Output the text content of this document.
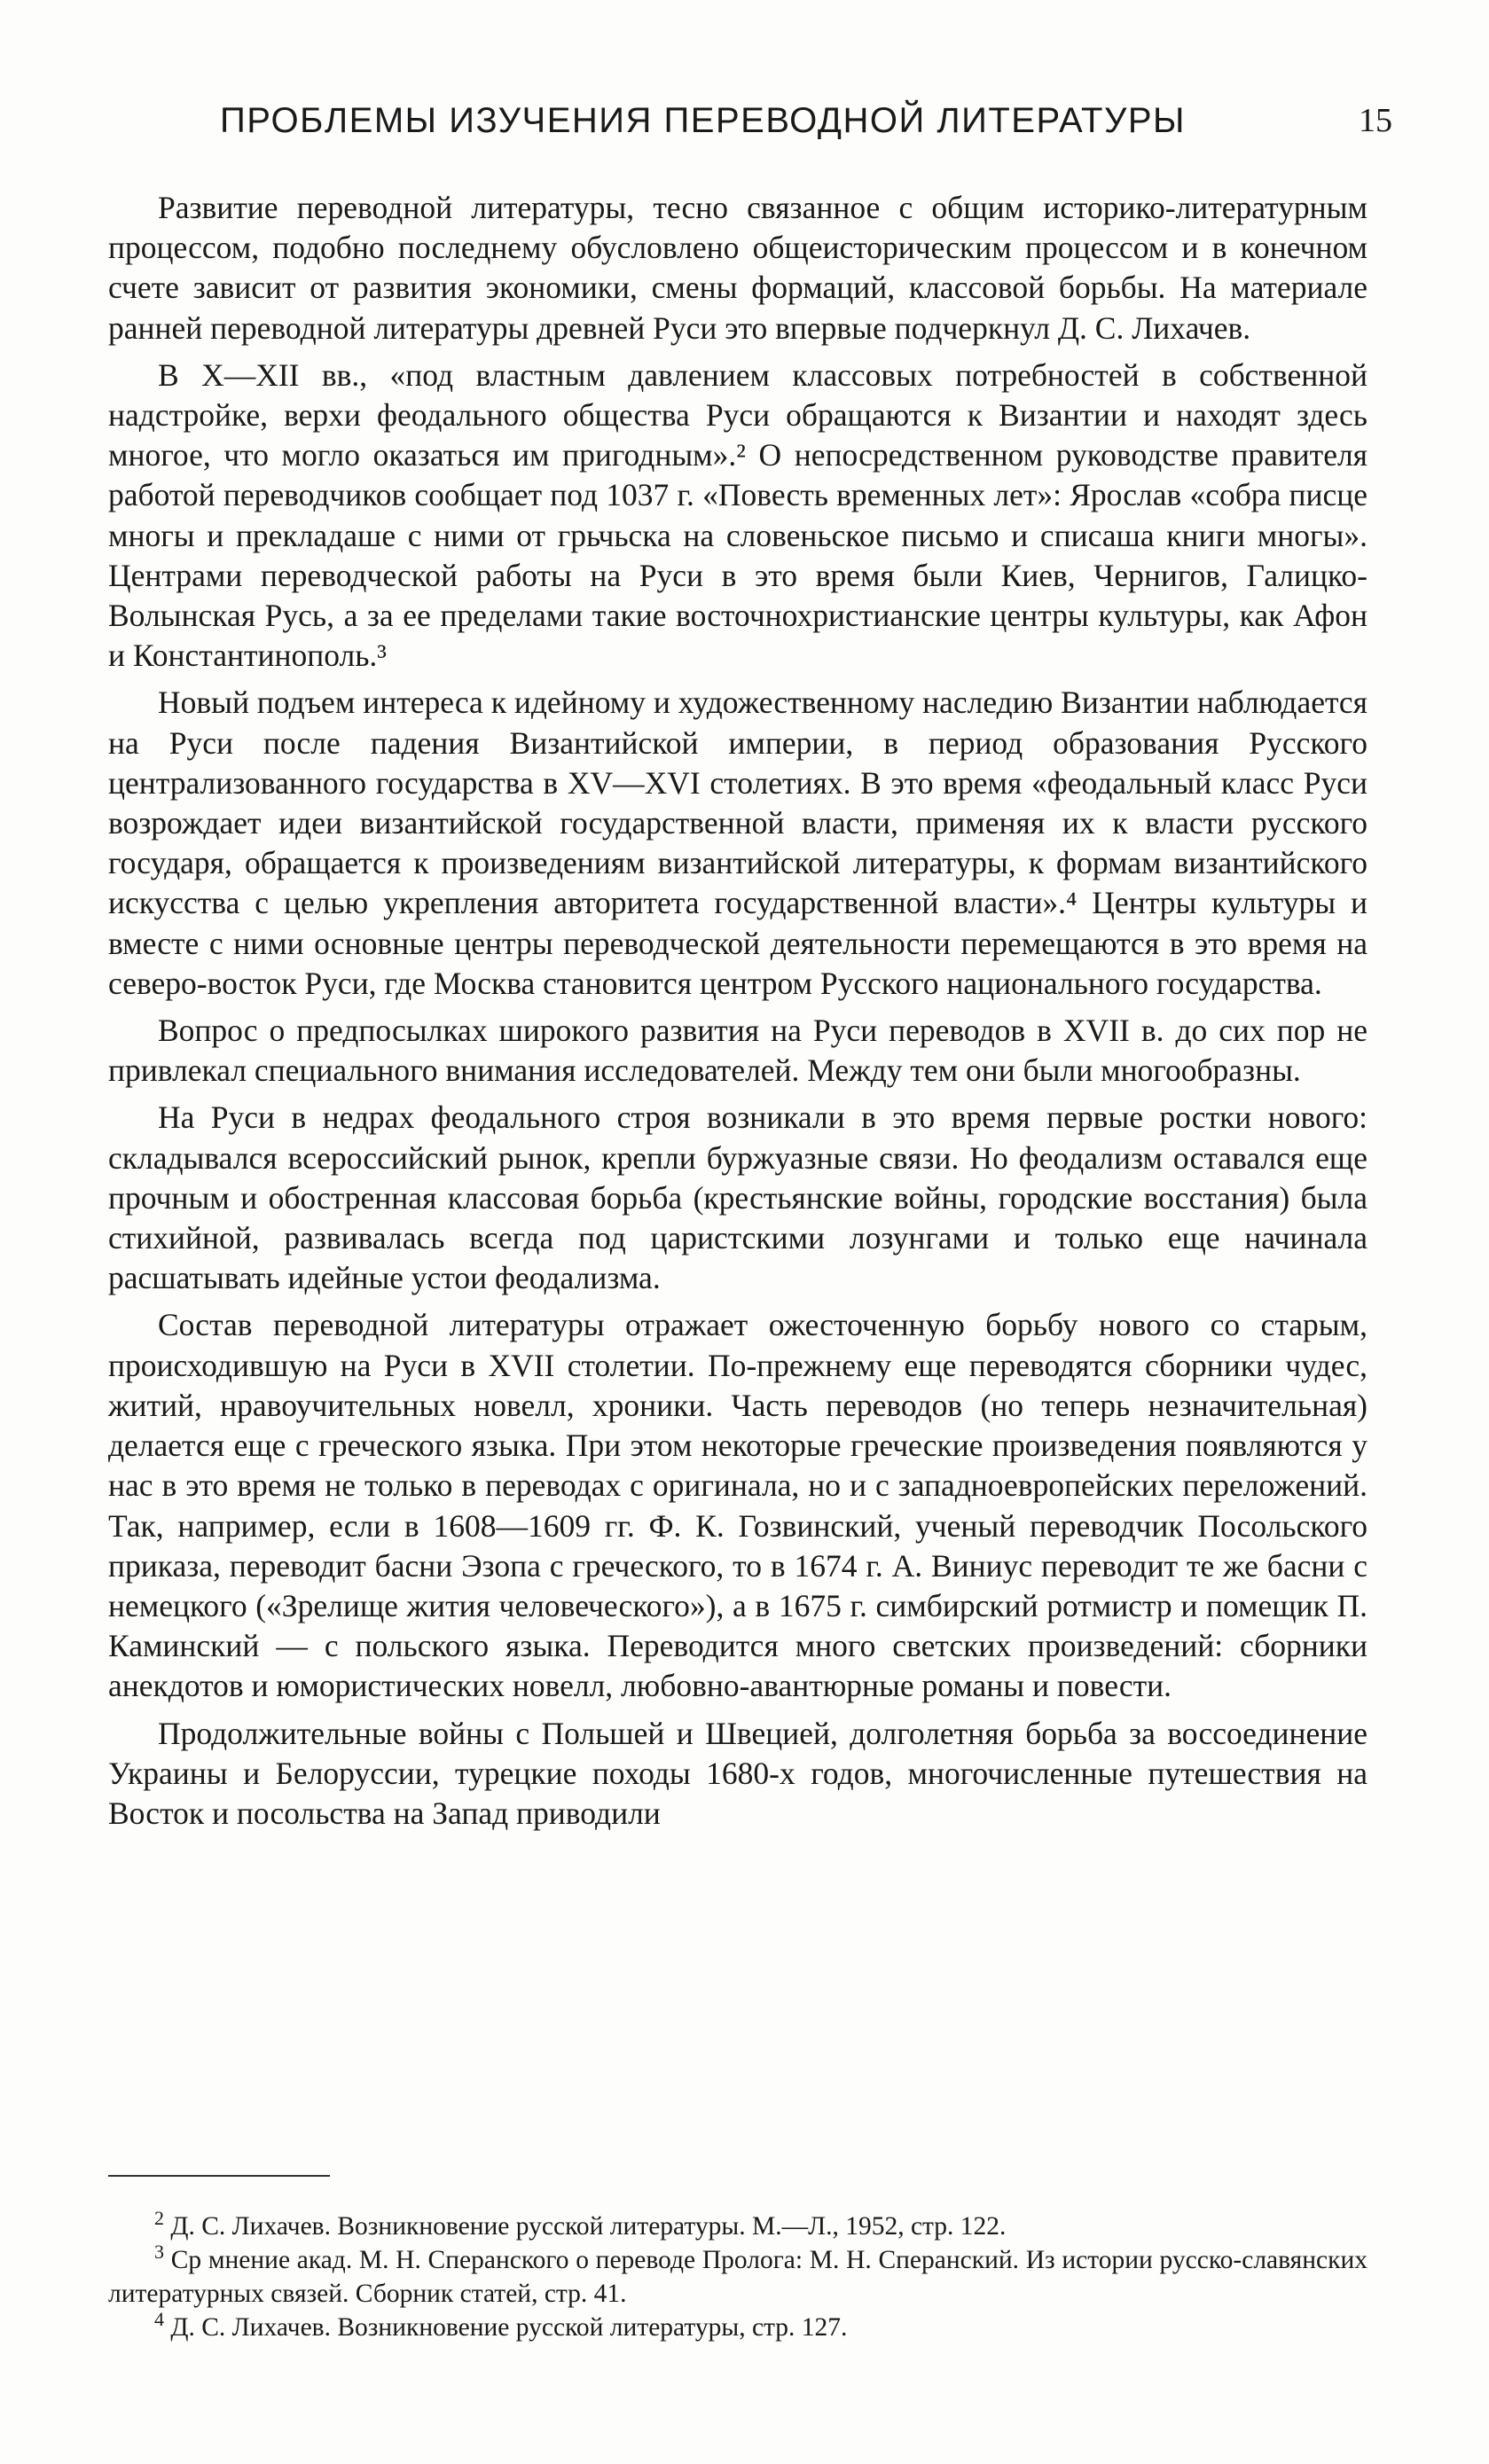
ПРОБЛЕМЫ ИЗУЧЕНИЯ ПЕРЕВОДНОЙ ЛИТЕРАТУРЫ	15

Развитие переводной литературы, тесно связанное с общим историко-литературным процессом, подобно последнему обусловлено общеисторическим процессом и в конечном счете зависит от развития экономики, смены формаций, классовой борьбы. На материале ранней переводной литературы древней Руси это впервые подчеркнул Д. С. Лихачев.

В X—XII вв., «под властным давлением классовых потребностей в собственной надстройке, верхи феодального общества Руси обращаются к Византии и находят здесь многое, что могло оказаться им пригодным».² О непосредственном руководстве правителя работой переводчиков сообщает под 1037 г. «Повесть временных лет»: Ярослав «собра писце многы и прекладаше с ними от грьчьска на словеньское письмо и списаша книги многы». Центрами переводческой работы на Руси в это время были Киев, Чернигов, Галицко-Волынская Русь, а за ее пределами такие восточнохристианские центры культуры, как Афон и Константинополь.³

Новый подъем интереса к идейному и художественному наследию Византии наблюдается на Руси после падения Византийской империи, в период образования Русского централизованного государства в XV—XVI столетиях. В это время «феодальный класс Руси возрождает идеи византийской государственной власти, применяя их к власти русского государя, обращается к произведениям византийской литературы, к формам византийского искусства с целью укрепления авторитета государственной власти».⁴ Центры культуры и вместе с ними основные центры переводческой деятельности перемещаются в это время на северо-восток Руси, где Москва становится центром Русского национального государства.

Вопрос о предпосылках широкого развития на Руси переводов в XVII в. до сих пор не привлекал специального внимания исследователей. Между тем они были многообразны.

На Руси в недрах феодального строя возникали в это время первые ростки нового: складывался всероссийский рынок, крепли буржуазные связи. Но феодализм оставался еще прочным и обостренная классовая борьба (крестьянские войны, городские восстания) была стихийной, развивалась всегда под царистскими лозунгами и только еще начинала расшатывать идейные устои феодализма.

Состав переводной литературы отражает ожесточенную борьбу нового со старым, происходившую на Руси в XVII столетии. По-прежнему еще переводятся сборники чудес, житий, нравоучительных новелл, хроники. Часть переводов (но теперь незначительная) делается еще с греческого языка. При этом некоторые греческие произведения появляются у нас в это время не только в переводах с оригинала, но и с западноевропейских переложений. Так, например, если в 1608—1609 гг. Ф. К. Гозвинский, ученый переводчик Посольского приказа, переводит басни Эзопа с греческого, то в 1674 г. А. Виниус переводит те же басни с немецкого («Зрелище жития человеческого»), а в 1675 г. симбирский ротмистр и помещик П. Каминский — с польского языка. Переводится много светских произведений: сборники анекдотов и юмористических новелл, любовно-авантюрные романы и повести.

Продолжительные войны с Польшей и Швецией, долголетняя борьба за воссоединение Украины и Белоруссии, турецкие походы 1680-х годов, многочисленные путешествия на Восток и посольства на Запад приводили

$^2$ Д. С. Лихачев. Возникновение русской литературы. М.—Л., 1952, стр. 122.

$^3$ Ср мнение акад. М. Н. Сперанского о переводе Пролога: М. Н. Сперанский. Из истории русско-славянских литературных связей. Сборник статей, стр. 41.

$^4$ Д. С. Лихачев. Возникновение русской литературы, стр. 127.
